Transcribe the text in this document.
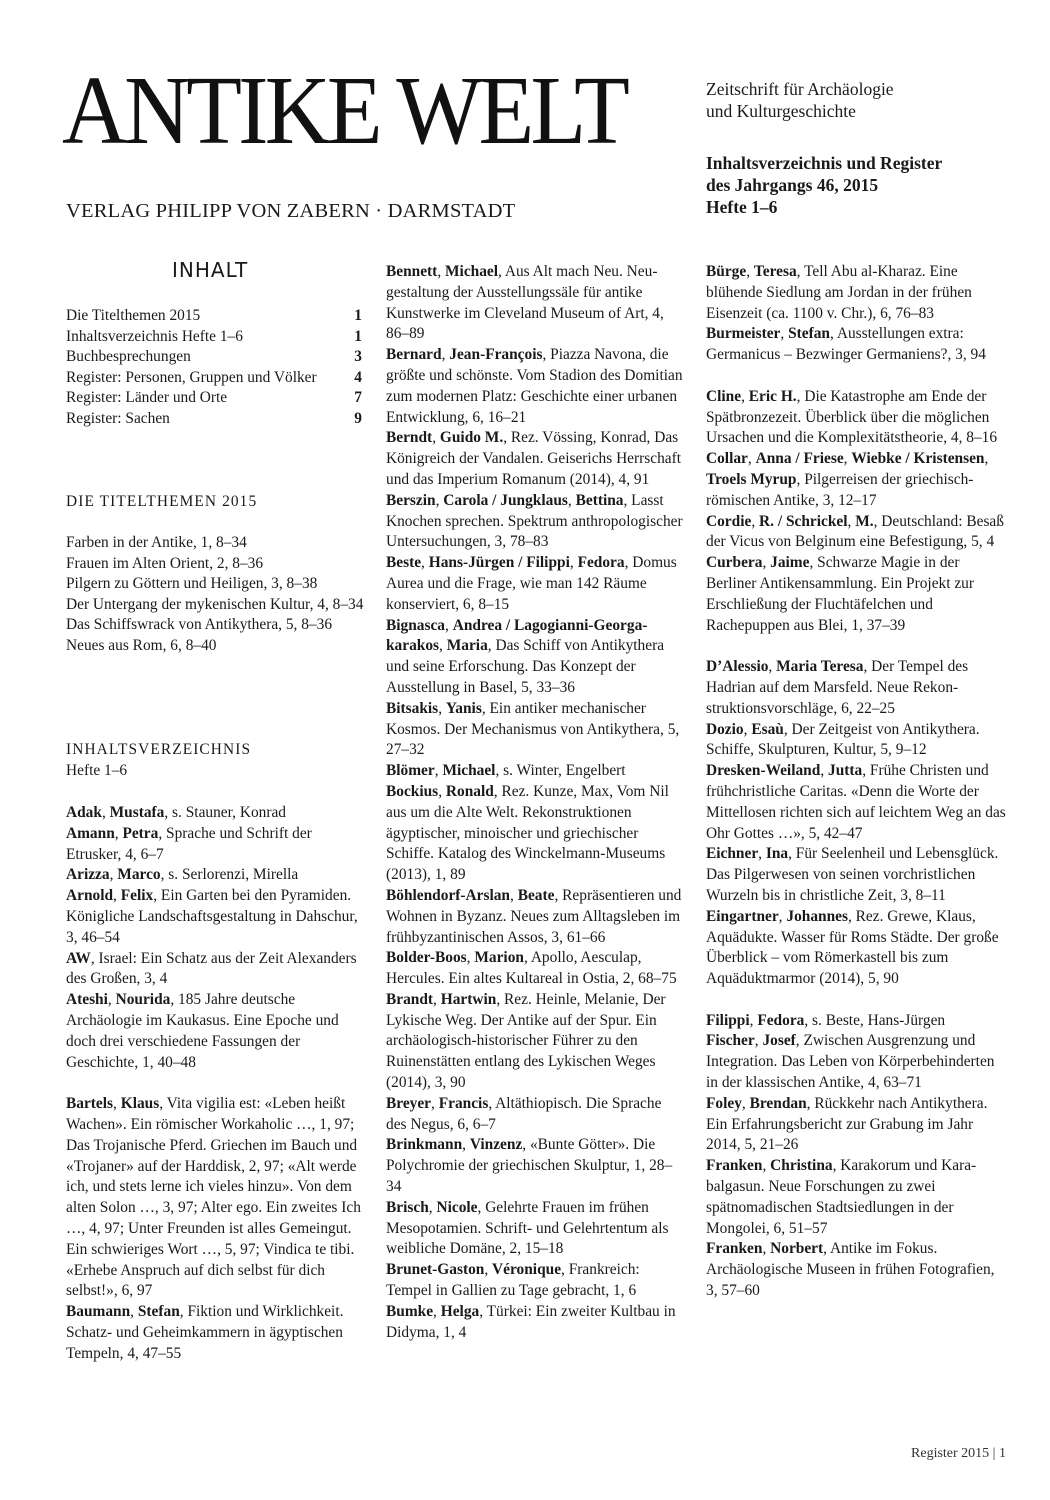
ANTIKE WELT
VERLAG PHILIPP VON ZABERN · DARMSTADT
Zeitschrift für Archäologie
und Kulturgeschichte
Inhaltsverzeichnis und Register
des Jahrgangs 46, 2015
Hefte 1–6
INHALT
Die Titelthemen 2015	1
Inhaltsverzeichnis Hefte 1–6	1
Buchbesprechungen	3
Register: Personen, Gruppen und Völker 4
Register: Länder und Orte	7
Register: Sachen	9
DIE TITELTHEMEN 2015
Farben in der Antike, 1, 8–34
Frauen im Alten Orient, 2, 8–36
Pilgern zu Göttern und Heiligen, 3, 8–38
Der Untergang der mykenischen Kultur, 4, 8–34
Das Schiffswrack von Antikythera, 5, 8–36
Neues aus Rom, 6, 8–40
INHALTSVERZEICHNIS
Hefte 1–6
Adak, Mustafa, s. Stauner, Konrad
Amann, Petra, Sprache und Schrift der Etrusker, 4, 6–7
Arizza, Marco, s. Serlorenzi, Mirella
Arnold, Felix, Ein Garten bei den Pyramiden. Königliche Landschaftsgestaltung in Dahschur, 3, 46–54
AW, Israel: Ein Schatz aus der Zeit Alexanders des Großen, 3, 4
Ateshi, Nourida, 185 Jahre deutsche Archäologie im Kaukasus. Eine Epoche und doch drei verschiedene Fassungen der Geschichte, 1, 40–48
Bartels, Klaus, Vita vigilia est: «Leben heißt Wachen». Ein römischer Workaholic …, 1, 97; Das Trojanische Pferd. Griechen im Bauch und «Trojaner» auf der Harddisk, 2, 97; «Alt werde ich, und stets lerne ich vieles hinzu». Von dem alten Solon …, 3, 97; Alter ego. Ein zweites Ich …, 4, 97; Unter Freunden ist alles Gemeingut. Ein schwieriges Wort …, 5, 97; Vindica te tibi. «Erhebe Anspruch auf dich selbst für dich selbst!», 6, 97
Baumann, Stefan, Fiktion und Wirklichkeit. Schatz- und Geheimkammern in ägyptischen Tempeln, 4, 47–55
Bennett, Michael, Aus Alt mach Neu. Neugestaltung der Ausstellungssäle für antike Kunstwerke im Cleveland Museum of Art, 4, 86–89
Bernard, Jean-François, Piazza Navona, die größte und schönste. Vom Stadion des Domitian zum modernen Platz: Geschichte einer urbanen Entwicklung, 6, 16–21
Berndt, Guido M., Rez. Vössing, Konrad, Das Königreich der Vandalen. Geiserichs Herrschaft und das Imperium Romanum (2014), 4, 91
Berszin, Carola / Jungklaus, Bettina, Lasst Knochen sprechen. Spektrum anthropologischer Untersuchungen, 3, 78–83
Beste, Hans-Jürgen / Filippi, Fedora, Domus Aurea und die Frage, wie man 142 Räume konserviert, 6, 8–15
Bignasca, Andrea / Lagogianni-Georgakarakos, Maria, Das Schiff von Antikythera und seine Erforschung. Das Konzept der Ausstellung in Basel, 5, 33–36
Bitsakis, Yanis, Ein antiker mechanischer Kosmos. Der Mechanismus von Antikythera, 5, 27–32
Blömer, Michael, s. Winter, Engelbert
Bockius, Ronald, Rez. Kunze, Max, Vom Nil aus um die Alte Welt. Rekonstruktionen ägyptischer, minoischer und griechischer Schiffe. Katalog des Winckelmann-Museums (2013), 1, 89
Böhlendorf-Arslan, Beate, Repräsentieren und Wohnen in Byzanz. Neues zum Alltagsleben im frühbyzantinischen Assos, 3, 61–66
Bolder-Boos, Marion, Apollo, Aesculap, Hercules. Ein altes Kultareal in Ostia, 2, 68–75
Brandt, Hartwin, Rez. Heinle, Melanie, Der Lykische Weg. Der Antike auf der Spur. Ein archäologisch-historischer Führer zu den Ruinenstätten entlang des Lykischen Weges (2014), 3, 90
Breyer, Francis, Altäthiopisch. Die Sprache des Negus, 6, 6–7
Brinkmann, Vinzenz, «Bunte Götter». Die Polychromie der griechischen Skulptur, 1, 28–34
Brisch, Nicole, Gelehrte Frauen im frühen Mesopotamien. Schrift- und Gelehrtentum als weibliche Domäne, 2, 15–18
Brunet-Gaston, Véronique, Frankreich: Tempel in Gallien zu Tage gebracht, 1, 6
Bumke, Helga, Türkei: Ein zweiter Kultbau in Didyma, 1, 4
Bürge, Teresa, Tell Abu al-Kharaz. Eine blühende Siedlung am Jordan in der frühen Eisenzeit (ca. 1100 v. Chr.), 6, 76–83
Burmeister, Stefan, Ausstellungen extra: Germanicus – Bezwinger Germaniens?, 3, 94
Cline, Eric H., Die Katastrophe am Ende der Spätbronzezeit. Überblick über die möglichen Ursachen und die Komplexitätstheorie, 4, 8–16
Collar, Anna / Friese, Wiebke / Kristensen, Troels Myrup, Pilgerreisen der griechisch-römischen Antike, 3, 12–17
Cordie, R. / Schrickel, M., Deutschland: Besaß der Vicus von Belginum eine Befestigung, 5, 4
Curbera, Jaime, Schwarze Magie in der Berliner Antikensammlung. Ein Projekt zur Erschließung der Fluchtäfelchen und Rachepuppen aus Blei, 1, 37–39
D’Alessio, Maria Teresa, Der Tempel des Hadrian auf dem Marsfeld. Neue Rekonstruktionsvorschläge, 6, 22–25
Dozio, Esaù, Der Zeitgeist von Antikythera. Schiffe, Skulpturen, Kultur, 5, 9–12
Dresken-Weiland, Jutta, Frühe Christen und frühchristliche Caritas. «Denn die Worte der Mittellosen richten sich auf leichtem Weg an das Ohr Gottes …», 5, 42–47
Eichner, Ina, Für Seelenheil und Lebensglück. Das Pilgerwesen von seinen vorchristlichen Wurzeln bis in christliche Zeit, 3, 8–11
Eingartner, Johannes, Rez. Grewe, Klaus, Aquädukte. Wasser für Roms Städte. Der große Überblick – vom Römerkastell bis zum Aquäduktmarmor (2014), 5, 90
Filippi, Fedora, s. Beste, Hans-Jürgen
Fischer, Josef, Zwischen Ausgrenzung und Integration. Das Leben von Körperbehinderten in der klassischen Antike, 4, 63–71
Foley, Brendan, Rückkehr nach Antikythera. Ein Erfahrungsbericht zur Grabung im Jahr 2014, 5, 21–26
Franken, Christina, Karakorum und Karabalgasun. Neue Forschungen zu zwei spätnomadischen Stadtsiedlungen in der Mongolei, 6, 51–57
Franken, Norbert, Antike im Fokus. Archäologische Museen in frühen Fotografien, 3, 57–60
Register 2015 | 1
